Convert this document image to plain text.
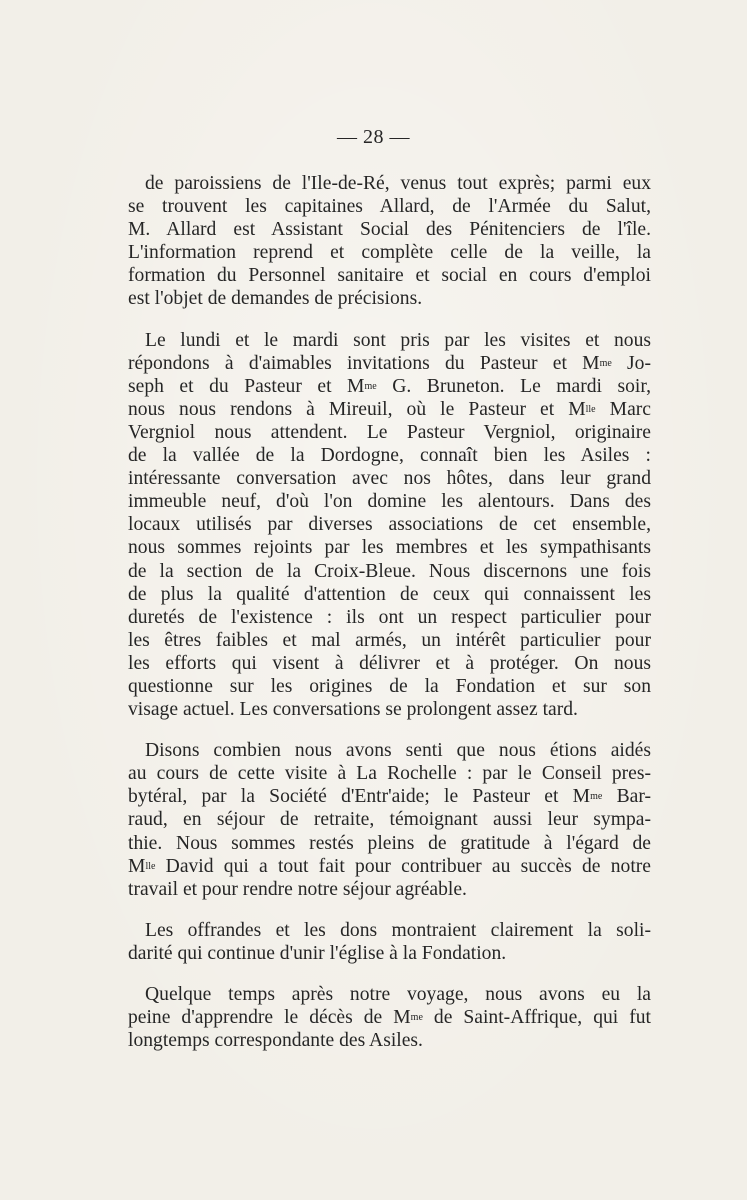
— 28 —
de paroissiens de l'Ile-de-Ré, venus tout exprès; parmi eux
se trouvent les capitaines Allard, de l'Armée du Salut,
M. Allard est Assistant Social des Pénitenciers de l'île.
L'information reprend et complète celle de la veille, la
formation du Personnel sanitaire et social en cours d'emploi
est l'objet de demandes de précisions.
Le lundi et le mardi sont pris par les visites et nous
répondons à d'aimables invitations du Pasteur et $M^{me}$ Jo-
seph et du Pasteur et $M^{me}$ G. Bruneton. Le mardi soir,
nous nous rendons à Mireuil, où le Pasteur et $M^{lle}$ Marc
Vergniol nous attendent. Le Pasteur Vergniol, originaire
de la vallée de la Dordogne, connaît bien les Asiles :
intéressante conversation avec nos hôtes, dans leur grand
immeuble neuf, d'où l'on domine les alentours. Dans des
locaux utilisés par diverses associations de cet ensemble,
nous sommes rejoints par les membres et les sympathisants
de la section de la Croix-Bleue. Nous discernons une fois
de plus la qualité d'attention de ceux qui connaissent les
duretés de l'existence : ils ont un respect particulier pour
les êtres faibles et mal armés, un intérêt particulier pour
les efforts qui visent à délivrer et à protéger. On nous
questionne sur les origines de la Fondation et sur son
visage actuel. Les conversations se prolongent assez tard.
Disons combien nous avons senti que nous étions aidés
au cours de cette visite à La Rochelle : par le Conseil pres-
bytéral, par la Société d'Entr'aide; le Pasteur et $M^{me}$ Bar-
raud, en séjour de retraite, témoignant aussi leur sympa-
thie. Nous sommes restés pleins de gratitude à l'égard de
$M^{lle}$ David qui a tout fait pour contribuer au succès de notre
travail et pour rendre notre séjour agréable.
Les offrandes et les dons montraient clairement la soli-
darité qui continue d'unir l'église à la Fondation.
Quelque temps après notre voyage, nous avons eu la
peine d'apprendre le décès de $M^{me}$ de Saint-Affrique, qui fut
longtemps correspondante des Asiles.
